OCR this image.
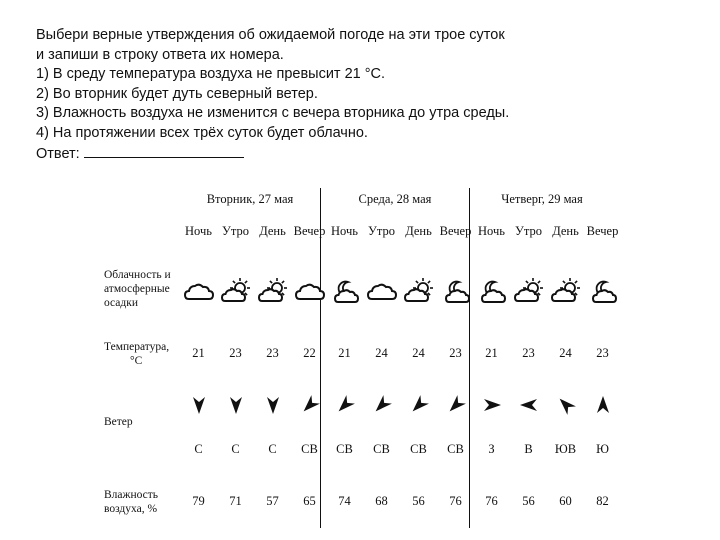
Выбери верные утверждения об ожидаемой погоде на эти трое суток
и запиши в строку ответа их номера.
1) В среду температура воздуха не превысит 21 °С.
2) Во вторник будет дуть северный ветер.
3) Влажность воздуха не изменится с вечера вторника до утра среды.
4) На протяжении всех трёх суток будет облачно.
Ответ:
Вторник, 27 мая	Среда, 28 мая	Четверг, 29 мая
Облачность и
атмосферные
осадки
Температура,
°С
Ветер
Влажность
воздуха, %
Ночь
21
С
79
Утро
23
С
71
День
23
С
57
Вечер
22
СВ
65
Ночь
21
СВ
74
Утро
24
СВ
68
День
24
СВ
56
Вечер
23
СВ
76
Ночь
21
З
76
Утро
23
В
56
День
24
ЮВ
60
Вечер
23
Ю
82
